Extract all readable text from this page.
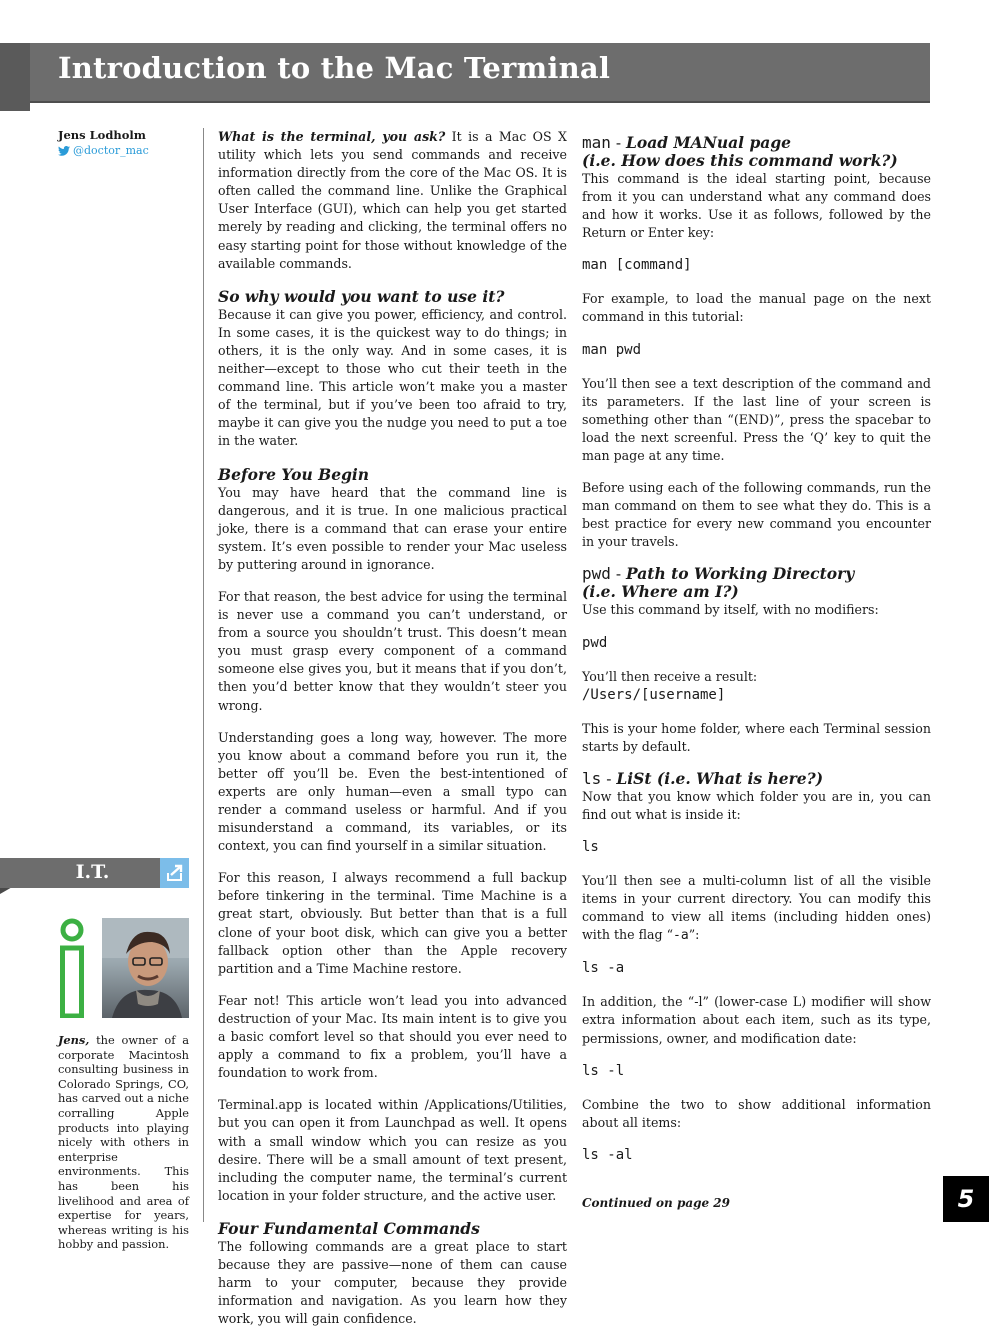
Introduction to the Mac Terminal
Jens Lodholm
@doctor_mac
I.T.

Jens, the owner of a corporate Macintosh consulting business in Colorado Springs, CO, has carved out a niche corralling Apple products into playing nicely with others in enterprise environments. This has been his livelihood and area of expertise for years, whereas writing is his hobby and passion.

What is the terminal, you ask? It is a Mac OS X utility which lets you send commands and receive information directly from the core of the Mac OS. It is often called the command line. Unlike the Graphical User Interface (GUI), which can help you get started merely by reading and clicking, the terminal offers no easy starting point for those without knowledge of the available commands.

So why would you want to use it?

Because it can give you power, efficiency, and control. In some cases, it is the quickest way to do things; in others, it is the only way. And in some cases, it is neither—except to those who cut their teeth in the command line. This article won’t make you a master of the terminal, but if you’ve been too afraid to try, maybe it can give you the nudge you need to put a toe in the water.

Before You Begin

You may have heard that the command line is dangerous, and it is true. In one malicious practical joke, there is a command that can erase your entire system. It’s even possible to render your Mac useless by puttering around in ignorance.

For that reason, the best advice for using the terminal is never use a command you can’t understand, or from a source you shouldn’t trust. This doesn’t mean you must grasp every component of a command someone else gives you, but it means that if you don’t, then you’d better know that they wouldn’t steer you wrong.

Understanding goes a long way, however. The more you know about a command before you run it, the better off you’ll be. Even the best-intentioned of experts are only human—even a small typo can render a command useless or harmful. And if you misunderstand a command, its variables, or its context, you can find yourself in a similar situation.

For this reason, I always recommend a full backup before tinkering in the terminal. Time Machine is a great start, obviously. But better than that is a full clone of your boot disk, which can give you a better fallback option other than the Apple recovery partition and a Time Machine restore.

Fear not! This article won’t lead you into advanced destruction of your Mac. Its main intent is to give you a basic comfort level so that should you ever need to apply a command to fix a problem, you’ll have a foundation to work from.

Terminal.app is located within /Applications/Utilities, but you can open it from Launchpad as well. It opens with a small window which you can resize as you desire. There will be a small amount of text present, including the computer name, the terminal’s current location in your folder structure, and the active user.

Four Fundamental Commands

The following commands are a great place to start because they are passive—none of them can cause harm to your computer, because they provide information and navigation. As you learn how they work, you will gain confidence.

man - Load MANual page
(i.e. How does this command work?)

This command is the ideal starting point, because from it you can understand what any command does and how it works. Use it as follows, followed by the Return or Enter key:

man [command]

For example, to load the manual page on the next command in this tutorial:

man pwd

You’ll then see a text description of the command and its parameters. If the last line of your screen is something other than “(END)”, press the spacebar to load the next screenful. Press the ‘Q’ key to quit the man page at any time.

Before using each of the following commands, run the man command on them to see what they do. This is a best practice for every new command you encounter in your travels.

pwd - Path to Working Directory
(i.e. Where am I?)

Use this command by itself, with no modifiers:

pwd

You’ll then receive a result:

/Users/[username]

This is your home folder, where each Terminal session starts by default.

ls - LiSt (i.e. What is here?)

Now that you know which folder you are in, you can find out what is inside it:

ls

You’ll then see a multi-column list of all the visible items in your current directory. You can modify this command to view all items (including hidden ones) with the flag “-a”:

ls -a

In addition, the “-l” (lower-case L) modifier will show extra information about each item, such as its type, permissions, owner, and modification date:

ls -l

Combine the two to show additional information about all items:

ls -al

Continued on page 29	5
